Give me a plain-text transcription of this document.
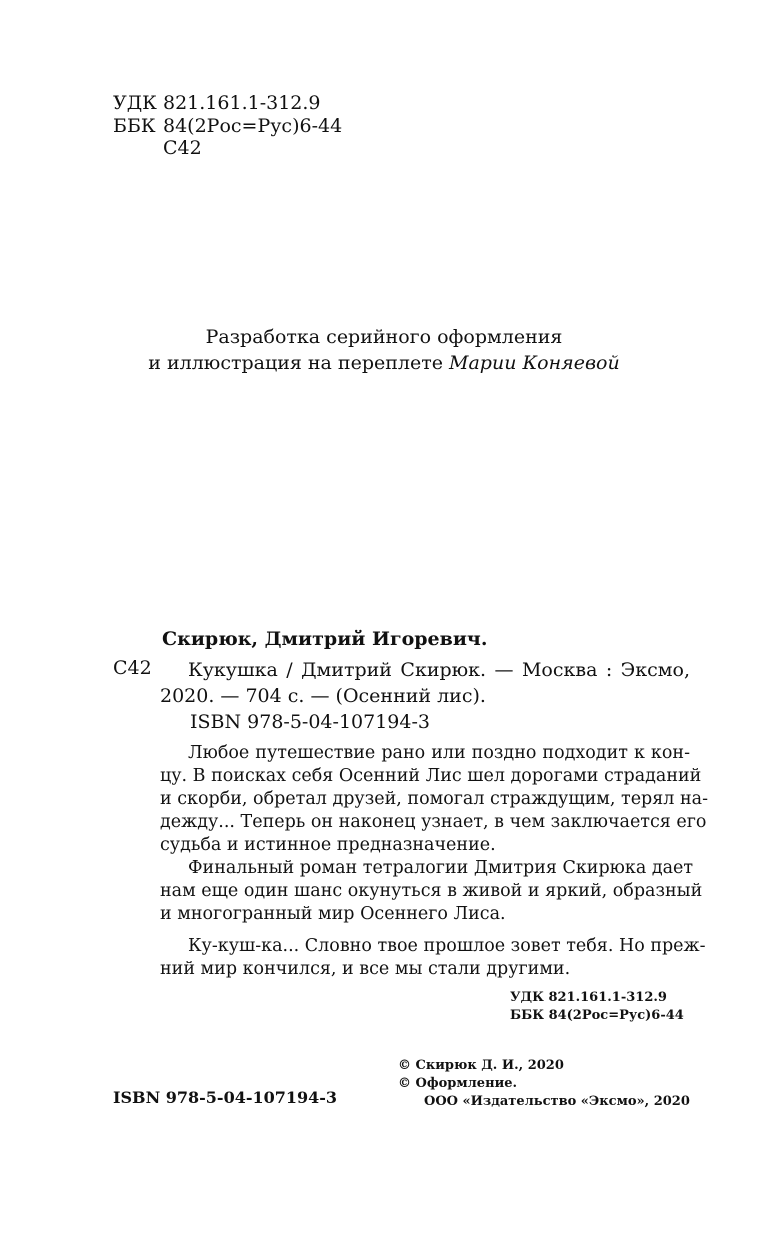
УДК 821.161.1-312.9
ББК 84(2Рос=Рус)6-44
С42
Разработка серийного оформления
и иллюстрация на переплете Марии Коняевой
Скирюк, Дмитрий Игоревич.
С42	Кукушка / Дмитрий Скирюк. — Москва : Эксмо,
2020. — 704 с. — (Осенний лис).
ISBN 978-5-04-107194-3
Любое путешествие рано или поздно подходит к кон-
цу. В поисках себя Осенний Лис шел дорогами страданий
и скорби, обретал друзей, помогал страждущим, терял на-
дежду... Теперь он наконец узнает, в чем заключается его
судьба и истинное предназначение.
Финальный роман тетралогии Дмитрия Скирюка дает
нам еще один шанс окунуться в живой и яркий, образный
и многогранный мир Осеннего Лиса.
Ку-куш-ка... Словно твое прошлое зовет тебя. Но преж-
ний мир кончился, и все мы стали другими.
УДК 821.161.1-312.9
ББК 84(2Рос=Рус)6-44
© Скирюк Д. И., 2020
© Оформление.
ООО «Издательство «Эксмо», 2020
ISBN 978-5-04-107194-3
